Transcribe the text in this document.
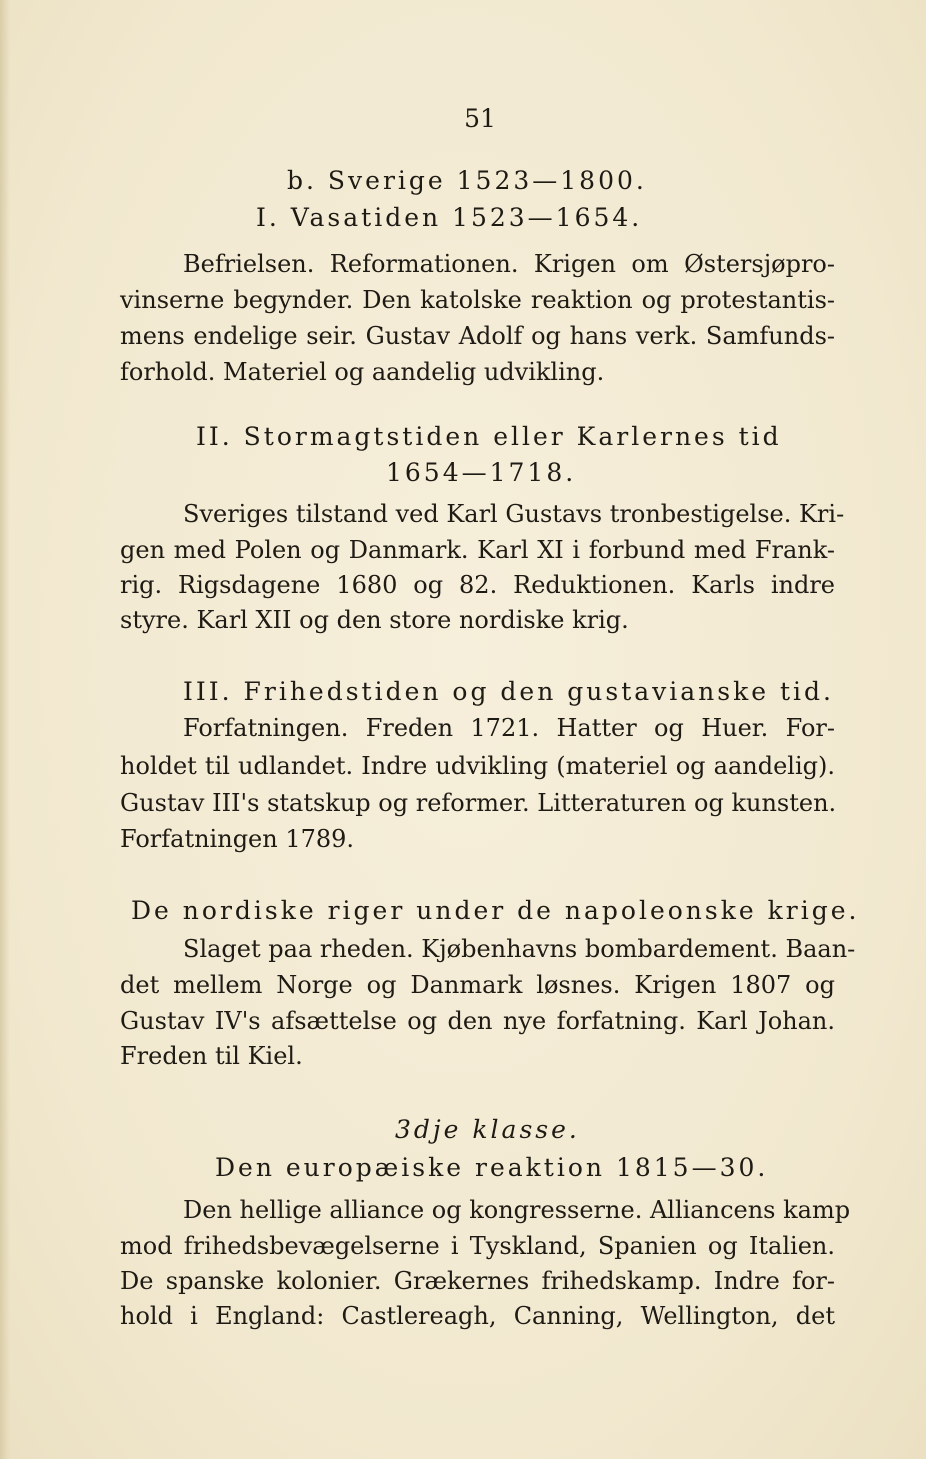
51
b. Sverige 1523—1800.
I. Vasatiden 1523—1654.
Befrielsen. Reformationen. Krigen om Østersjøpro-
vinserne begynder. Den katolske reaktion og protestantis-
mens endelige seir. Gustav Adolf og hans verk. Samfunds-
forhold. Materiel og aandelig udvikling.
II. Stormagtstiden eller Karlernes tid
1654—1718.
Sveriges tilstand ved Karl Gustavs tronbestigelse. Kri-
gen med Polen og Danmark. Karl XI i forbund med Frank-
rig. Rigsdagene 1680 og 82. Reduktionen. Karls indre
styre. Karl XII og den store nordiske krig.
III. Frihedstiden og den gustavianske tid.
Forfatningen. Freden 1721. Hatter og Huer. For-
holdet til udlandet. Indre udvikling (materiel og aandelig).
Gustav III's statskup og reformer. Litteraturen og kunsten.
Forfatningen 1789.
De nordiske riger under de napoleonske krige.
Slaget paa rheden. Kjøbenhavns bombardement. Baan-
det mellem Norge og Danmark løsnes. Krigen 1807 og
Gustav IV's afsættelse og den nye forfatning. Karl Johan.
Freden til Kiel.
3dje klasse.
Den europæiske reaktion 1815—30.
Den hellige alliance og kongresserne. Alliancens kamp
mod frihedsbevægelserne i Tyskland, Spanien og Italien.
De spanske kolonier. Grækernes frihedskamp. Indre for-
hold i England: Castlereagh, Canning, Wellington, det
